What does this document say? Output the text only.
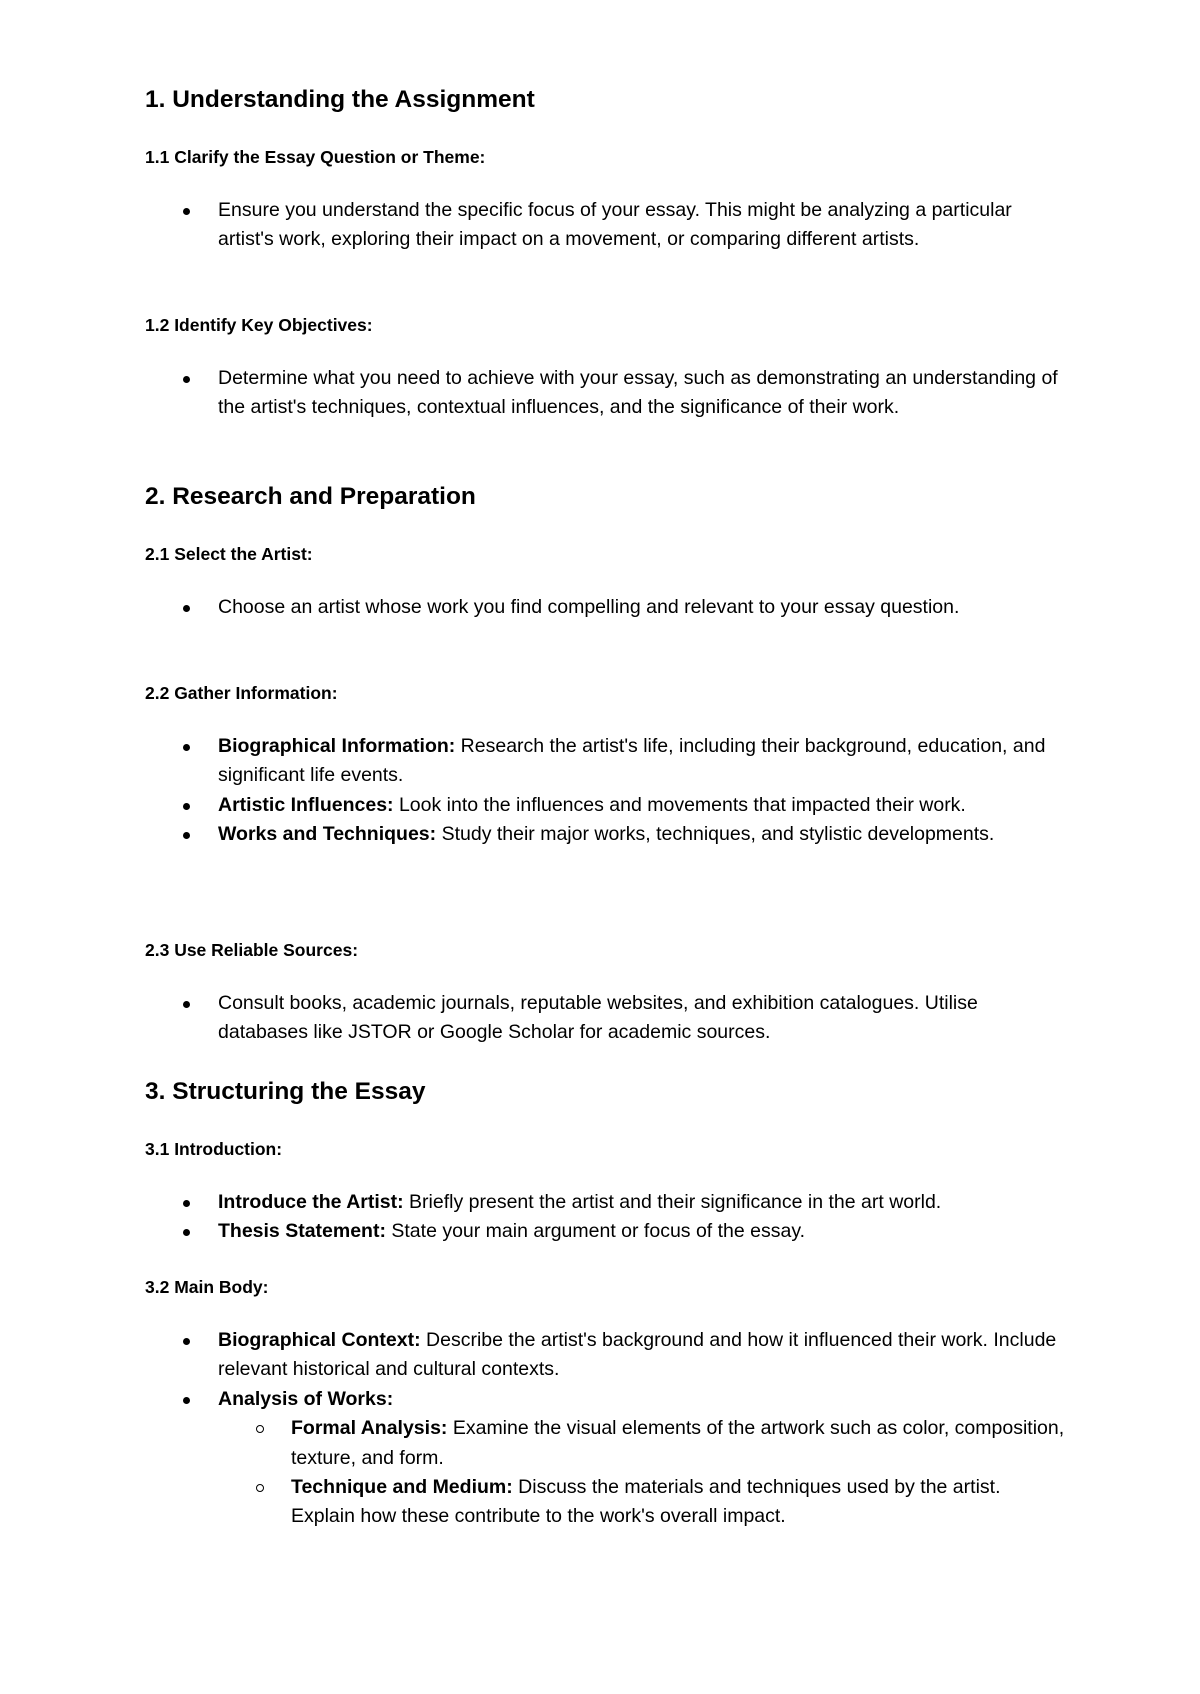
1. Understanding the Assignment
1.1 Clarify the Essay Question or Theme:
Ensure you understand the specific focus of your essay. This might be analyzing a particular artist's work, exploring their impact on a movement, or comparing different artists.
1.2 Identify Key Objectives:
Determine what you need to achieve with your essay, such as demonstrating an understanding of the artist's techniques, contextual influences, and the significance of their work.
2. Research and Preparation
2.1 Select the Artist:
Choose an artist whose work you find compelling and relevant to your essay question.
2.2 Gather Information:
Biographical Information: Research the artist's life, including their background, education, and significant life events.
Artistic Influences: Look into the influences and movements that impacted their work.
Works and Techniques: Study their major works, techniques, and stylistic developments.
2.3 Use Reliable Sources:
Consult books, academic journals, reputable websites, and exhibition catalogues. Utilise databases like JSTOR or Google Scholar for academic sources.
3. Structuring the Essay
3.1 Introduction:
Introduce the Artist: Briefly present the artist and their significance in the art world.
Thesis Statement: State your main argument or focus of the essay.
3.2 Main Body:
Biographical Context: Describe the artist's background and how it influenced their work. Include relevant historical and cultural contexts.
Analysis of Works:
Formal Analysis: Examine the visual elements of the artwork such as color, composition, texture, and form.
Technique and Medium: Discuss the materials and techniques used by the artist. Explain how these contribute to the work's overall impact.
